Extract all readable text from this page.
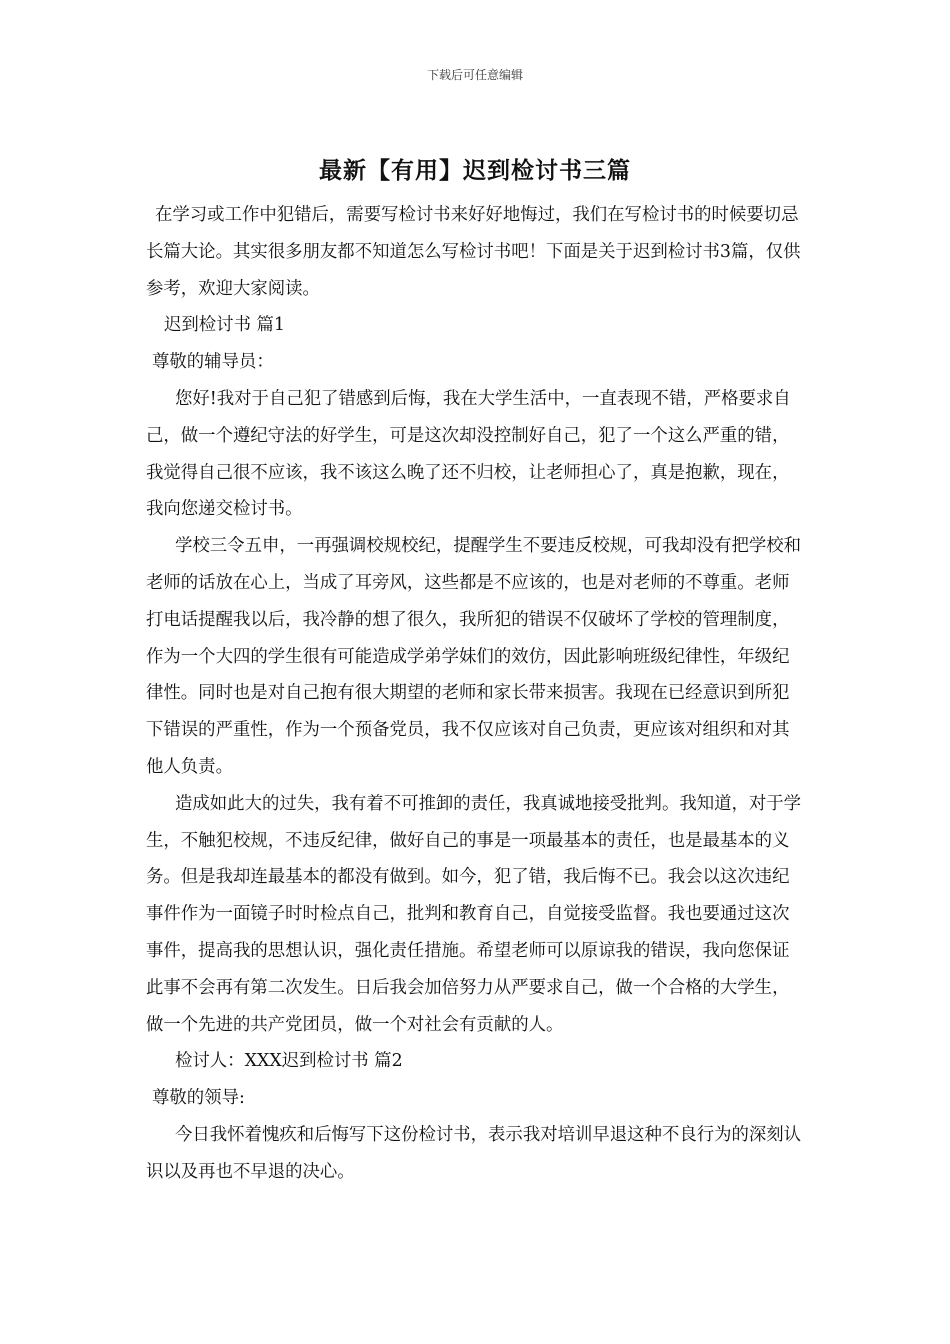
下载后可任意编辑
最新【有用】迟到检讨书三篇

在学习或工作中犯错后，需要写检讨书来好好地悔过，我们在写检讨书的时候要切忌长篇大论。其实很多朋友都不知道怎么写检讨书吧！下面是关于迟到检讨书3篇，仅供参考，欢迎大家阅读。

迟到检讨书 篇1

尊敬的辅导员：

您好!我对于自己犯了错感到后悔，我在大学生活中，一直表现不错，严格要求自己，做一个遵纪守法的好学生，可是这次却没控制好自己，犯了一个这么严重的错，我觉得自己很不应该，我不该这么晚了还不归校，让老师担心了，真是抱歉，现在，我向您递交检讨书。

学校三令五申，一再强调校规校纪，提醒学生不要违反校规，可我却没有把学校和老师的话放在心上，当成了耳旁风，这些都是不应该的，也是对老师的不尊重。老师打电话提醒我以后，我冷静的想了很久，我所犯的错误不仅破坏了学校的管理制度，作为一个大四的学生很有可能造成学弟学妹们的效仿，因此影响班级纪律性，年级纪律性。同时也是对自己抱有很大期望的老师和家长带来损害。我现在已经意识到所犯下错误的严重性，作为一个预备党员，我不仅应该对自己负责，更应该对组织和对其他人负责。

造成如此大的过失，我有着不可推卸的责任，我真诚地接受批判。我知道，对于学生，不触犯校规，不违反纪律，做好自己的事是一项最基本的责任，也是最基本的义务。但是我却连最基本的都没有做到。如今，犯了错，我后悔不已。我会以这次违纪事件作为一面镜子时时检点自己，批判和教育自己，自觉接受监督。我也要通过这次事件，提高我的思想认识，强化责任措施。希望老师可以原谅我的错误，我向您保证此事不会再有第二次发生。日后我会加倍努力从严要求自己，做一个合格的大学生，做一个先进的共产党团员，做一个对社会有贡献的人。

检讨人：XXX迟到检讨书 篇2

尊敬的领导:

今日我怀着愧疚和后悔写下这份检讨书，表示我对培训早退这种不良行为的深刻认识以及再也不早退的决心。
